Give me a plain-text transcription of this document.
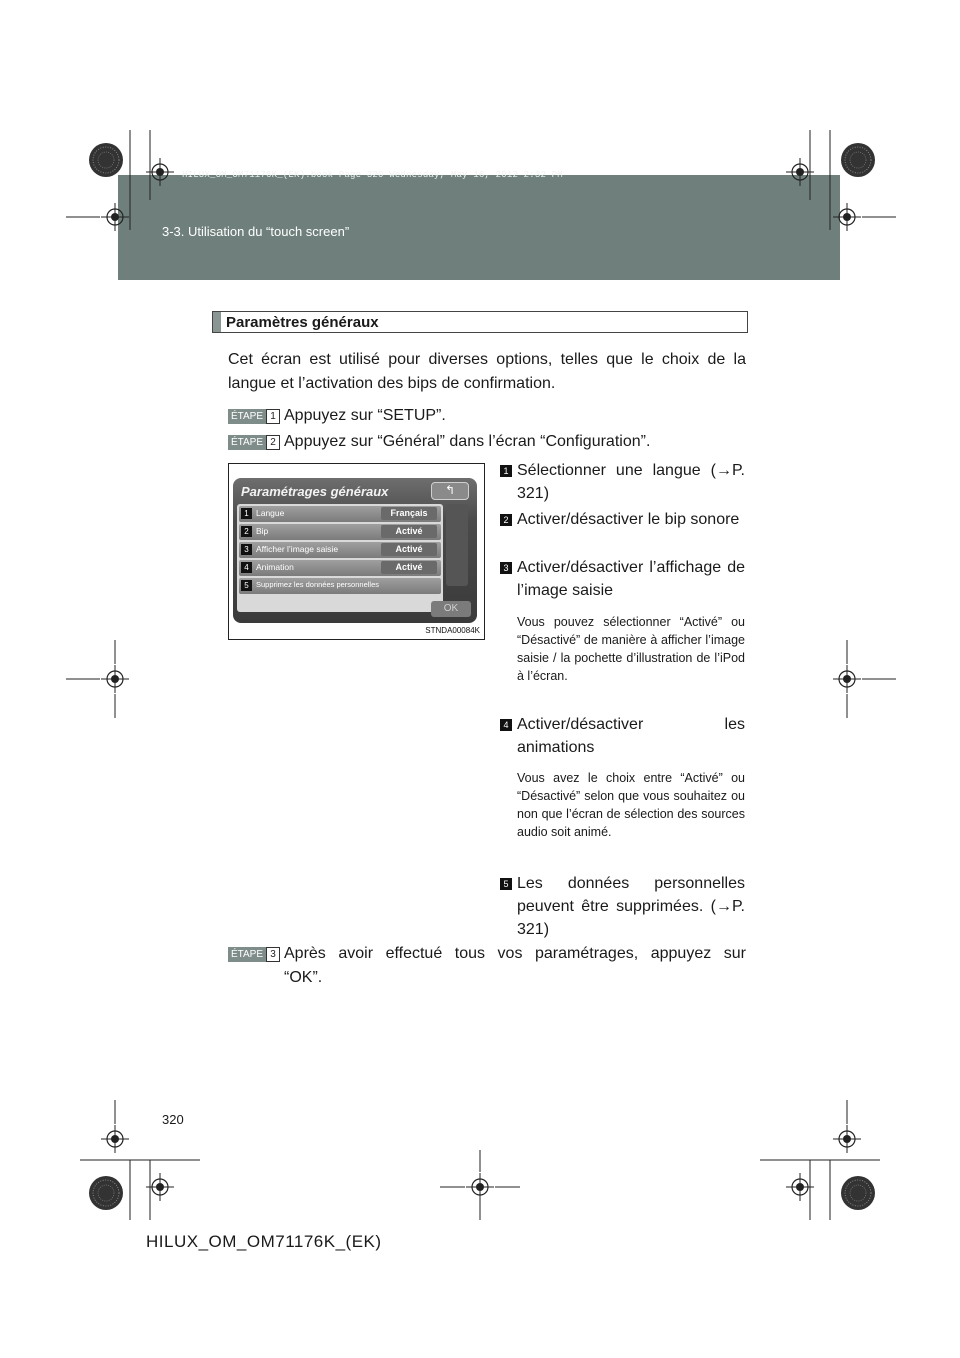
HILUX_OM_OM71176K_(EK).book Page 320 Wednesday, May 16, 2012 2:32 PM
3-3. Utilisation du “touch screen”
Paramètres généraux
Cet écran est utilisé pour diverses options, telles que le choix de la langue et l’activation des bips de confirmation.
ÉTAPE 1 Appuyez sur “SETUP”.
ÉTAPE 2 Appuyez sur “Général” dans l’écran “Configuration”.
Paramétrages généraux	↰
1 Langue	Français
2 Bip	Activé
3 Afficher l’image saisie	Activé
4 Animation	Activé
5 Supprimez les données personnelles
OK
STNDA00084K
1 Sélectionner une langue (→P. 321)
2 Activer/désactiver le bip sonore
3 Activer/désactiver l’affichage de l’image saisie
Vous pouvez sélectionner “Activé” ou “Désactivé” de manière à afficher l’image saisie / la pochette d’illustration de l’iPod à l’écran.
4 Activer/désactiver les animations
Vous avez le choix entre “Activé” ou “Désactivé” selon que vous souhaitez ou non que l’écran de sélection des sources audio soit animé.
5 Les données personnelles peuvent être supprimées. (→P. 321)
ÉTAPE 3 Après avoir effectué tous vos paramétrages, appuyez sur
“OK”.
320
HILUX_OM_OM71176K_(EK)
